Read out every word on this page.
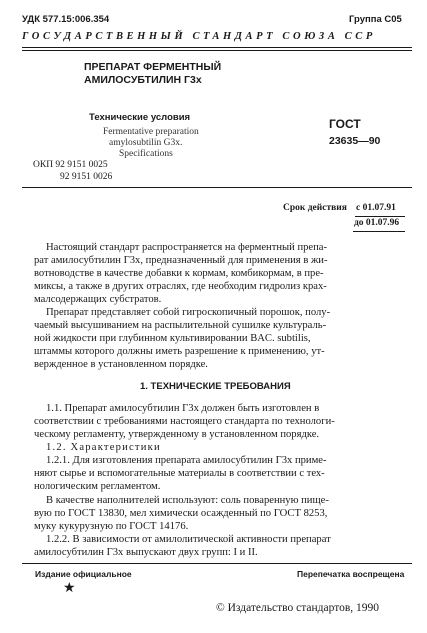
УДК 577.15:006.354	Группа С05
ГОСУДАРСТВЕННЫЙ СТАНДАРТ СОЮЗА ССР
ПРЕПАРАТ ФЕРМЕНТНЫЙ
АМИЛОСУБТИЛИН Г3х
Технические условия
Fermentative preparation
amylosubtilin G3x.
Specifications
ГОСТ
23635—90
ОКП 92 9151 0025
92 9151 0026
Срок действия с 01.07.91
до 01.07.96
Настоящий стандарт распространяется на ферментный препа-
рат амилосубтилин Г3х, предназначенный для применения в жи-
вотноводстве в качестве добавки к кормам, комбикормам, в пре-
миксы, а также в других отраслях, где необходим гидролиз крах-
малсодержащих субстратов.
Препарат представляет собой гигроскопичный порошок, полу-
чаемый высушиванием на распылительной сушилке культураль-
ной жидкости при глубинном культивировании BAC. subtilis,
штаммы которого должны иметь разрешение к применению, ут-
вержденное в установленном порядке.
1. ТЕХНИЧЕСКИЕ ТРЕБОВАНИЯ
1.1. Препарат амилосубтилин Г3х должен быть изготовлен в
соответствии с требованиями настоящего стандарта по технологи-
ческому регламенту, утвержденному в установленном порядке.
1.2. Характеристики
1.2.1. Для изготовления препарата амилосубтилин Г3х приме-
няют сырье и вспомогательные материалы в соответствии с тех-
нологическим регламентом.
В качестве наполнителей используют: соль поваренную пище-
вую по ГОСТ 13830, мел химически осажденный по ГОСТ 8253,
муку кукурузную по ГОСТ 14176.
1.2.2. В зависимости от амилолитической активности препарат
амилосубтилин Г3х выпускают двух групп: I и II.
Издание официальное	Перепечатка воспрещена
★
© Издательство стандартов, 1990
